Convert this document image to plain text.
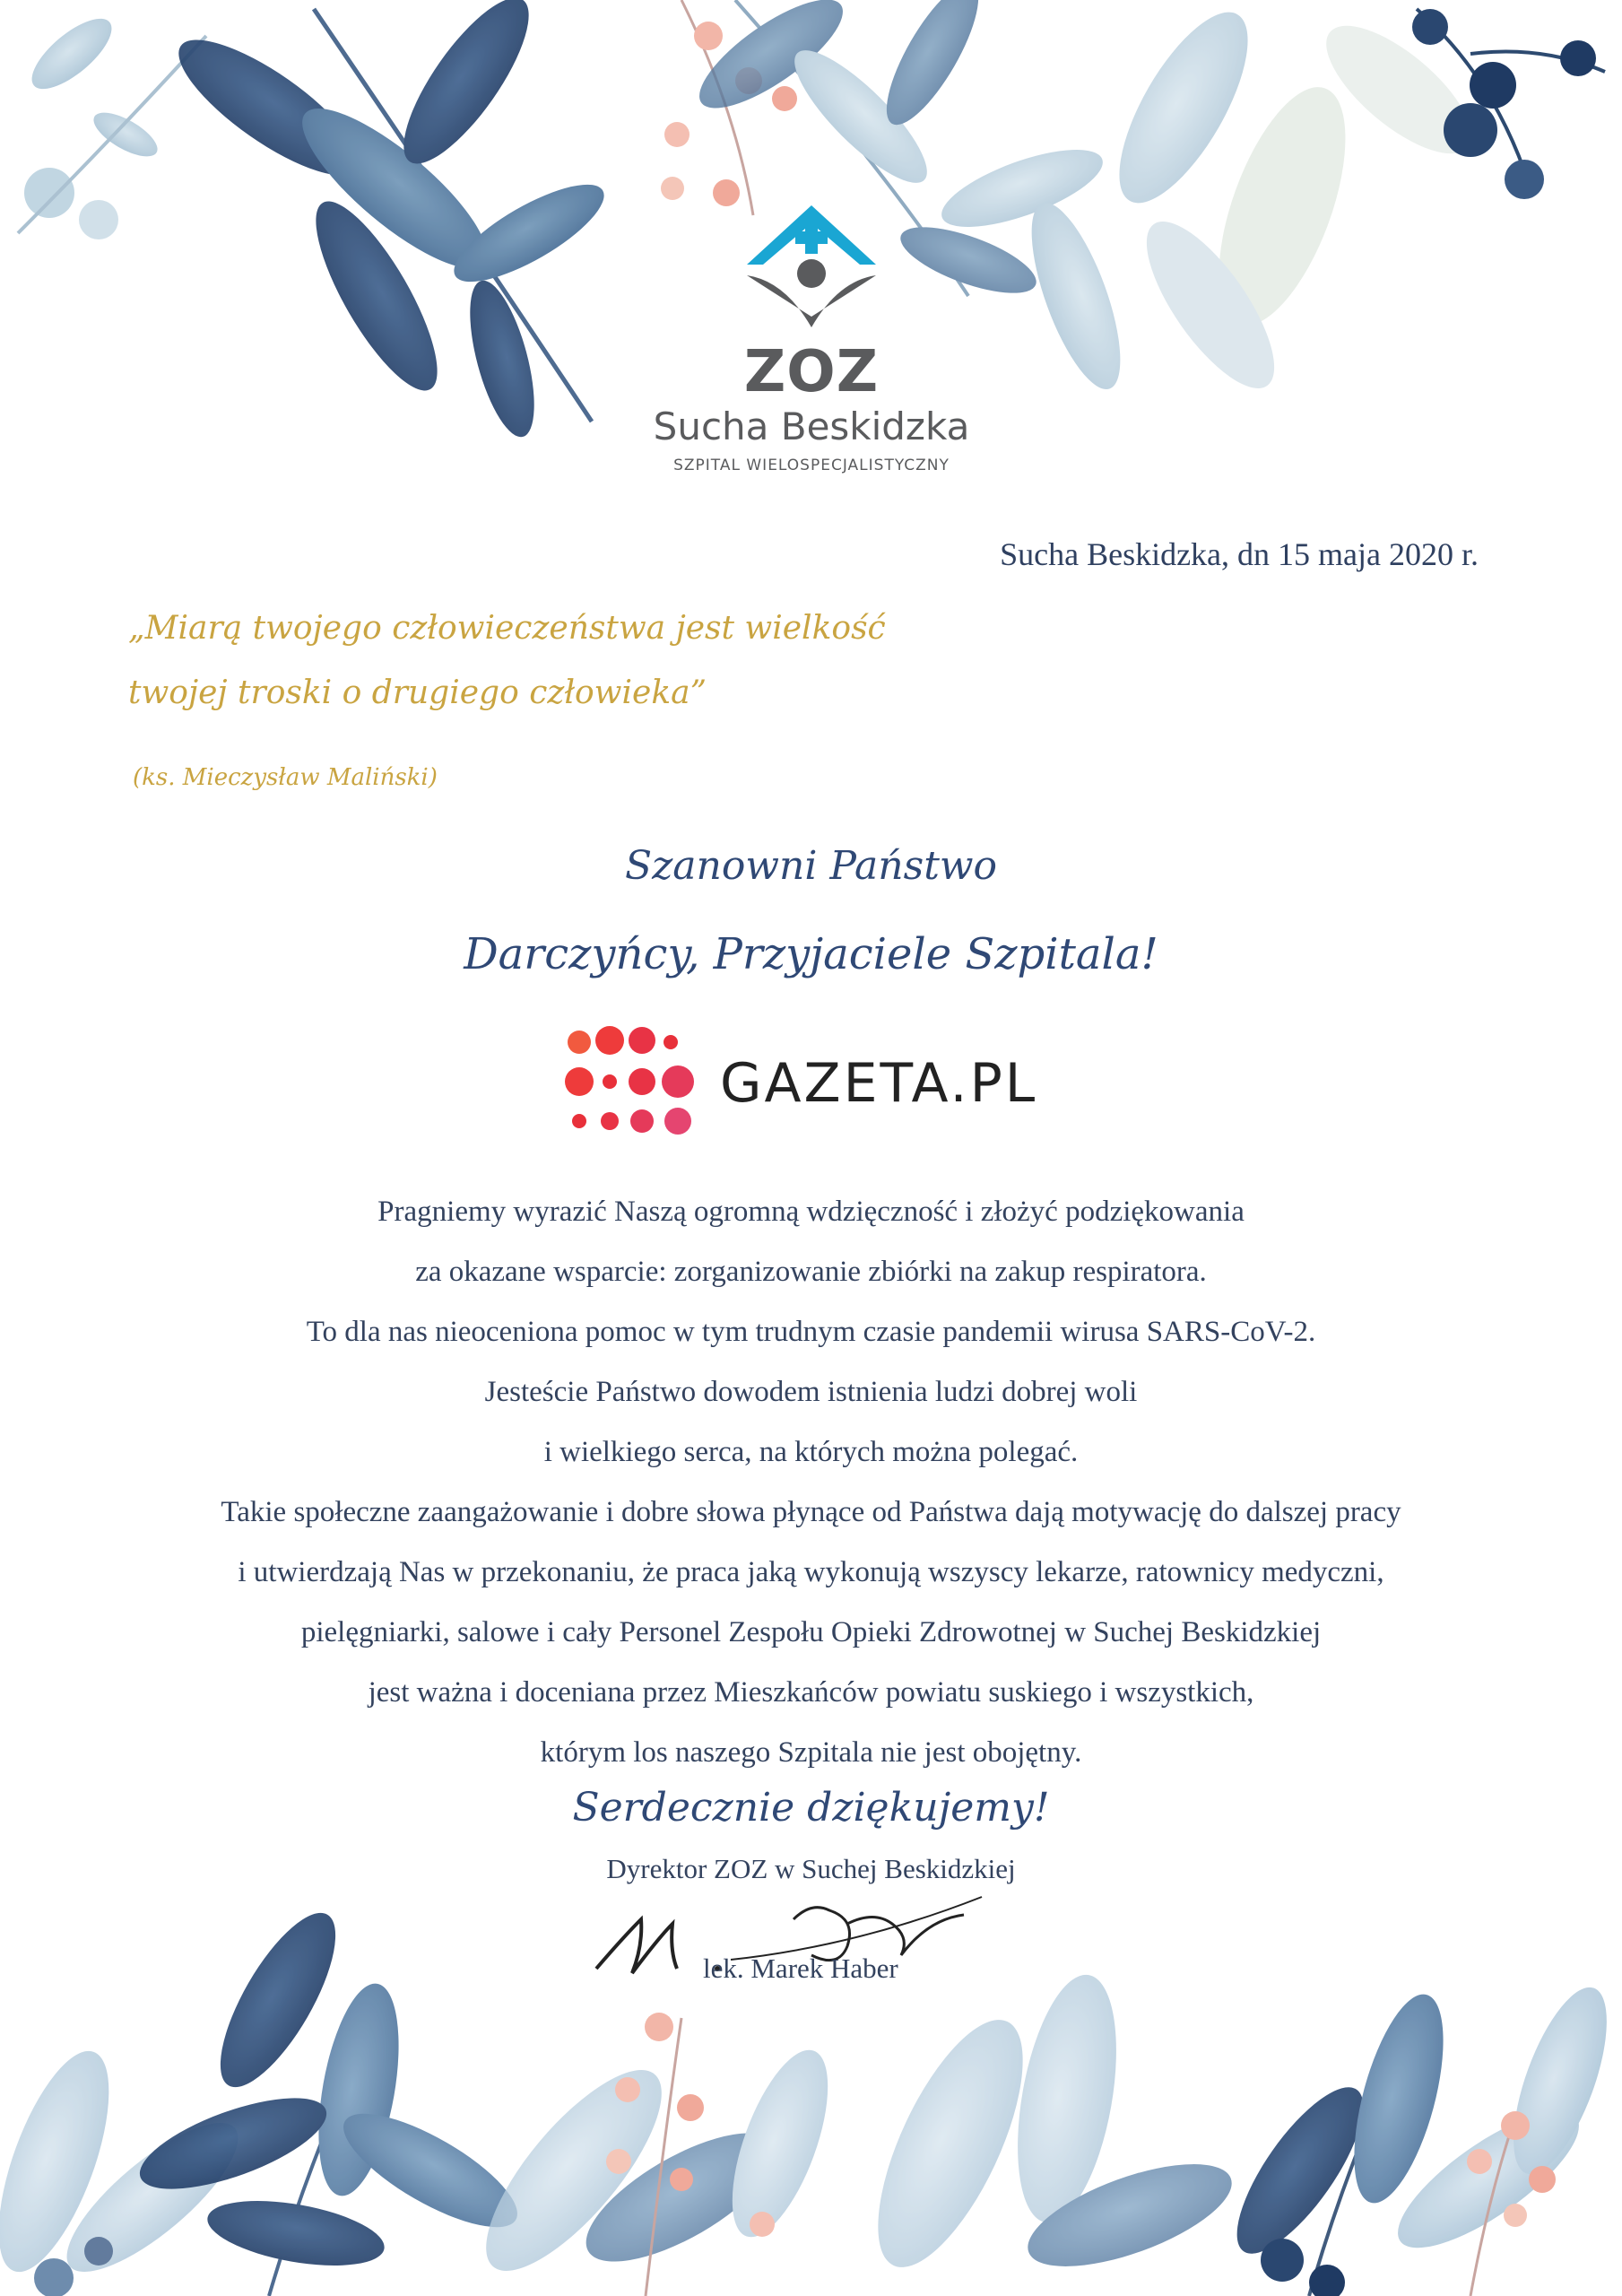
ZOZ
Sucha Beskidzka
SZPITAL WIELOSPECJALISTYCZNY
Sucha Beskidzka, dn 15 maja 2020 r.
„Miarą twojego człowieczeństwa jest wielkość
twojej troski o drugiego człowieka”
(ks. Mieczysław Maliński)
Szanowni Państwo
Darczyńcy, Przyjaciele Szpitala!
GAZETA.PL
Pragniemy wyrazić Naszą ogromną wdzięczność i złożyć podziękowania
za okazane wsparcie: zorganizowanie zbiórki na zakup respiratora.
To dla nas nieoceniona pomoc w tym trudnym czasie pandemii wirusa SARS-CoV-2.
Jesteście Państwo dowodem istnienia ludzi dobrej woli
i wielkiego serca, na których można polegać.
Takie społeczne zaangażowanie i dobre słowa płynące od Państwa dają motywację do dalszej pracy
i utwierdzają Nas w przekonaniu, że praca jaką wykonują wszyscy lekarze, ratownicy medyczni,
pielęgniarki, salowe i cały Personel Zespołu Opieki Zdrowotnej w Suchej Beskidzkiej
jest ważna i doceniana przez Mieszkańców powiatu suskiego i wszystkich,
którym los naszego Szpitala nie jest obojętny.
Serdecznie dziękujemy!
Dyrektor ZOZ w Suchej Beskidzkiej
lek. Marek Haber
